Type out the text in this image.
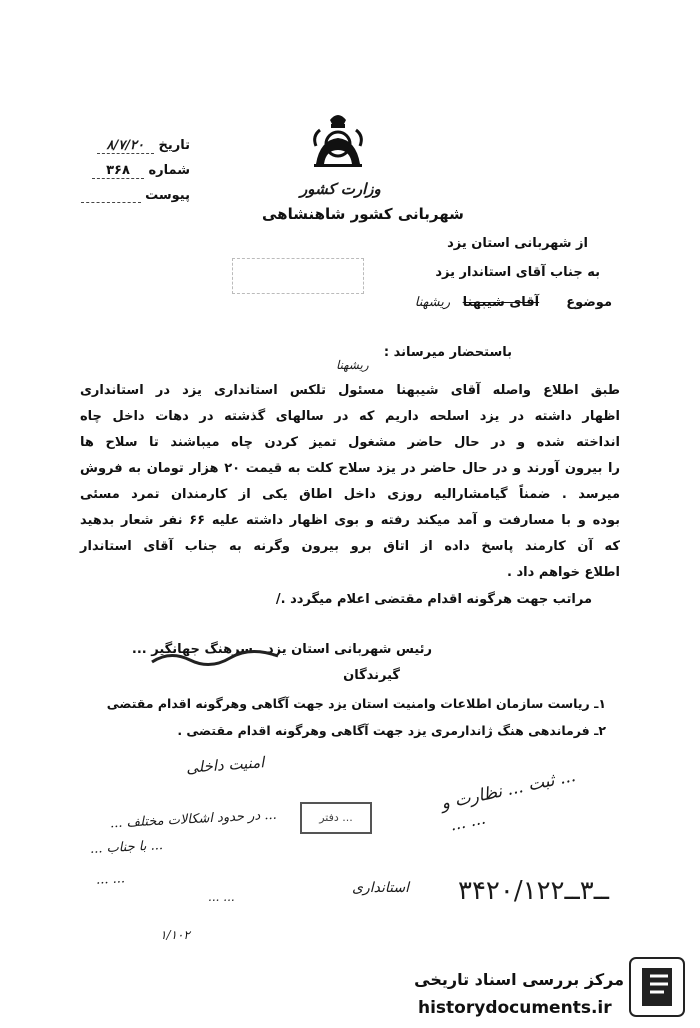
وزارت کشور
شهربانی کشور شاهنشاهی
تاریخ ۸/۷/۲۰
شماره ۳۶۸
پیوست
از شهربانی استان یزد
به جناب آقای استاندار یزد
موضوع  آقای شیبهنا ریشهنا
باستحضار میرساند :
ریشهنا
طبق اطلاع واصله آقای شیبهنا مسئول تلکس استانداری یزد در استانداری
اظهار داشته در یزد اسلحه داریم که در سالهای گذشته در دهات داخل چاه
انداخته شده و در حال حاضر مشغول تمیز کردن چاه میباشند تا سلاح ها
را بیرون آورند و در حال حاضر در یزد سلاح کلت به قیمت ۲۰ هزار تومان به فروش
میرسد . ضمناً گیامشارالیه روزی داخل اطاق یکی از کارمندان تمرد مسئی
بوده و با مسارفت و آمد میکند رفته و بوی اظهار داشته علیه ۶۶ نفر شعار بدهید
که آن کارمند پاسخ داده از اتاق برو بیرون وگرنه به جناب آقای استاندار
اطلاع خواهم داد .
مراتب جهت هرگونه اقدام مقتضی اعلام میگردد ./
رئیس شهربانی استان یزد . سرهنگ جهانگیر ...
گیرندگان
۱ـ ریاست سازمان اطلاعات وامنیت استان یزد جهت آگاهی وهرگونه اقدام مقتضی
۲ـ فرماندهی هنگ ژاندارمری یزد جهت آگاهی وهرگونه اقدام مقتضی .
امنیت داخلی
دفتر ...
... در حدود اشکالات مختلف ...
... با جناب ...
... ...
... ...
استانداری
۱/۱۰۲
ثبت ... نظارت و ...
... ...
۳۴۲ــ۳ــ۰/۱۲۲
مرکز بررسی اسناد تاریخی
historydocuments.ir
